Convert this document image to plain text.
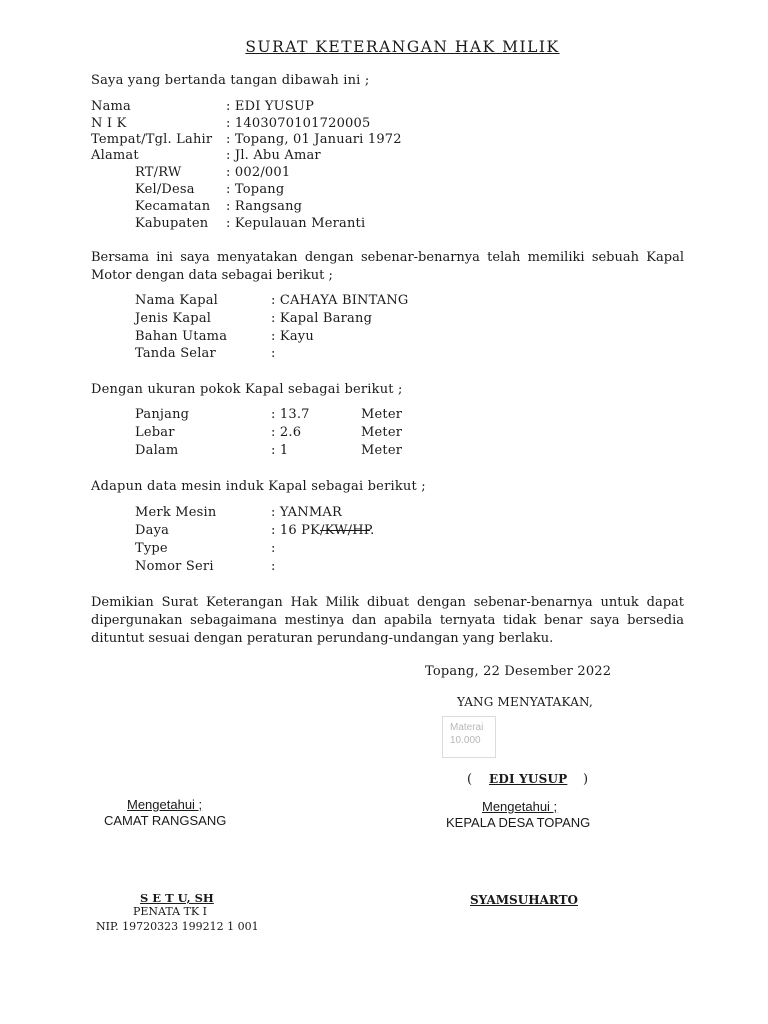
SURAT KETERANGAN HAK MILIK
Saya yang bertanda tangan dibawah ini ;
Nama	: EDI YUSUP
N I K	: 1403070101720005
Tempat/Tgl. Lahir : Topang, 01 Januari 1972
Alamat	: Jl. Abu Amar
RT/RW	: 002/001
Kel/Desa : Topang
Kecamatan : Rangsang
Kabupaten : Kepulauan Meranti
Bersama ini saya menyatakan dengan sebenar-benarnya telah memiliki sebuah Kapal Motor dengan data sebagai berikut ;
Nama Kapal	: CAHAYA BINTANG
Jenis Kapal	: Kapal Barang
Bahan Utama	: Kayu
Tanda Selar	:
Dengan ukuran pokok Kapal sebagai berikut ;
Panjang	: 13.7	Meter
Lebar	: 2.6	Meter
Dalam	: 1	Meter
Adapun data mesin induk Kapal sebagai berikut ;
Merk Mesin	: YANMAR
Daya	: 16 PK/KW/HP.
Type	:
Nomor Seri	:
Demikian Surat Keterangan Hak Milik dibuat dengan sebenar-benarnya untuk dapat dipergunakan sebagaimana mestinya dan apabila ternyata tidak benar saya bersedia dituntut sesuai dengan peraturan perundang-undangan yang berlaku.
Topang, 22 Desember 2022
YANG MENYATAKAN,
Materai
10.000
( EDI YUSUP )
Mengetahui ;
CAMAT RANGSANG
S E T U, SH
PENATA TK I
NIP. 19720323 199212 1 001
Mengetahui ;
KEPALA DESA TOPANG
SYAMSUHARTO
